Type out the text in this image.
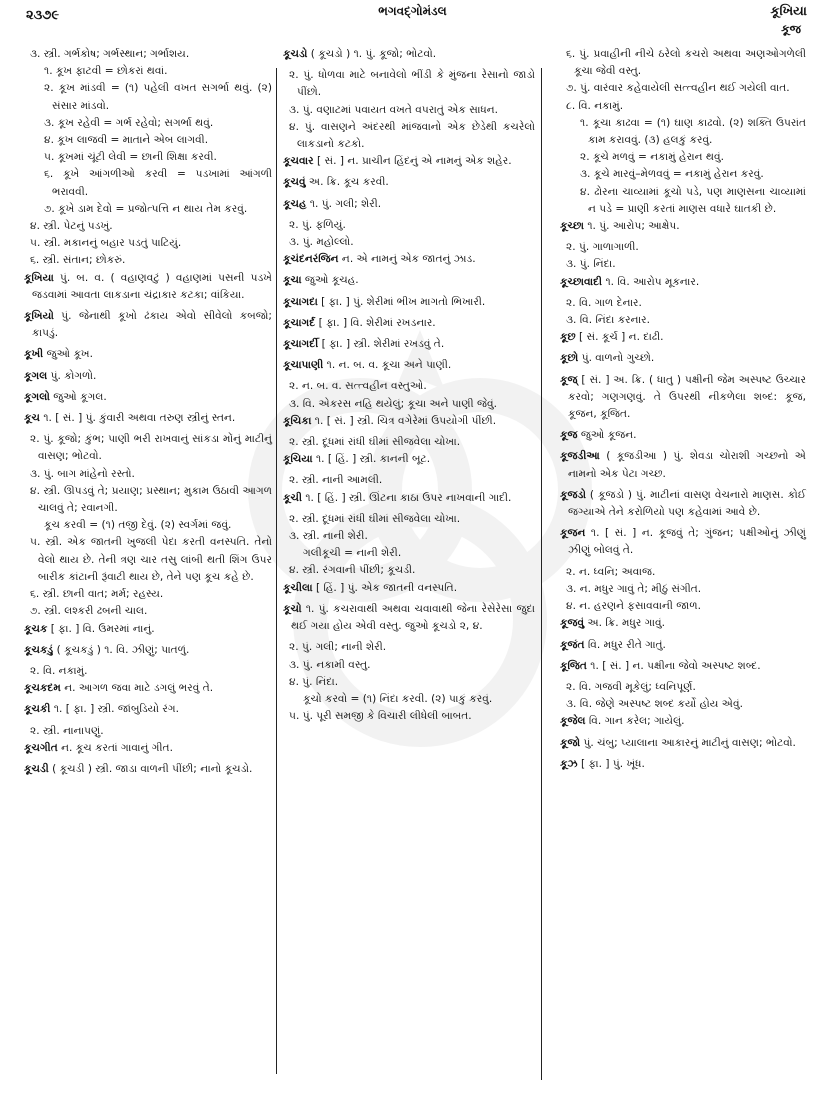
૨૩૭૯	ભગવદ્ગોમંડલ	કૂખિયા
કૂજ

૩. સ્ત્રી. ગર્ભકોષ; ગર્ભસ્થાન; ગર્ભાશય.

૧. કૂખ ફાટવી = છોકરાં થવાં.

૨. કૂખ માંડવી = (૧) પહેલી વખત સગર્ભા થવું. (૨) સંસાર માંડવો.

૩. કૂખ રહેવી = ગર્ભ રહેવો; સગર્ભા થવું.

૪. કૂખ લાજવી = માતાને એબ લાગવી.

૫. કૂખમાં ચૂંટી લેવી = છાની શિક્ષા કરવી.

૬. કૂખે આંગળીઓ કરવી = પડખામાં આંગળી ભરાવવી.

૭. કૂખે ડામ દેવો = પ્રજોત્પત્તિ ન થાય તેમ કરવું.

૪. સ્ત્રી. પેટનું પડખું.

૫. સ્ત્રી. મકાનનું બહાર પડતું પાટિયું.

૬. સ્ત્રી. સંતાન; છોકરું.

કૂખિયા પું. બ. વ. ( વહાણવટું ) વહાણમાં પસની પડખે જડવામાં આવતા લાકડાના ચંદ્રાકાર કટકા; વાંકિયા.

કૂખિયો પું. જેનાથી કૂખો ઢંકાય એવો સીવેલો કબજો; કાપડું.

કૂખી જુઓ કૂખ.

કૂગલ પું. કોગળો.

કૂગલો જુઓ કૂગલ.

કૂચ ૧. [ સં. ] પું. કુંવારી અથવા તરુણ સ્ત્રીનું સ્તન.

૨. પું. કૂજો; કુંભ; પાણી ભરી રાખવાનું સાંકડા મોંનું માટીનું વાસણ; ભોટવો.

૩. પું. બાગ માંહેનો રસ્તો.

૪. સ્ત્રી. ઊપડવું તે; પ્રયાણ; પ્રસ્થાન; મુકામ ઉઠાવી આગળ ચાલવું તે; રવાનગી.

કૂચ કરવી = (૧) તજી દેવું. (૨) સ્વર્ગમાં જવું.

૫. સ્ત્રી. એક જાતની ખુજલી પેદા કરતી વનસ્પતિ. તેનો વેલો થાય છે. તેની ત્રણ ચાર તસુ લાંબી થતી શિંગ ઉપર બારીક કાંટાની રૂંવાટી થાય છે, તેને પણ કૂચ કહે છે.

૬. સ્ત્રી. છાની વાત; મર્મ; રહસ્ય.

૭. સ્ત્રી. લશ્કરી ઢબની ચાલ.

કૂચક [ ફા. ] વિ. ઉમરમાં નાનું.

કૂચકડું ( કૂચકડું ) ૧. વિ. ઝીણું; પાતળું.

૨. વિ. નકામું.

કૂચકદમ ન. આગળ જવા માટે ડગલું ભરવું તે.

કૂચકી ૧. [ ફા. ] સ્ત્રી. જાંબુડિયો રંગ.

૨. સ્ત્રી. નાનાપણું.

કૂચગીત ન. કૂચ કરતાં ગાવાનું ગીત.

કૂચડી ( કૂચડી ) સ્ત્રી. જાડા વાળની પીંછી; નાનો કૂચડો.

કૂચડો ( કૂચડો ) ૧. પું. કૂજો; ભોટવો.

૨. પું. ધોળવા માટે બનાવેલો ભીંડી કે મુંજના રેસાનો જાડો પીંછો.

૩. પું. વણાટમાં પવાયત વખતે વપરાતું એક સાધન.

૪. પું. વાસણને અંદરથી માંજવાનો એક છેડેથી કચરેલો લાકડાનો કટકો.

કૂચવાર [ સં. ] ન. પ્રાચીન હિંદનું એ નામનું એક શહેર.

કૂચવું અ. ક્રિ. કૂચ કરવી.

કૂચહ ૧. પું. ગલી; શેરી.

૨. પું. ફળિયું.

૩. પું. મહોલ્લો.

કૂચંદનરંજિન ન. એ નામનું એક જાતનું ઝાડ.

કૂચા જુઓ કૂચહ.

કૂચાગદા [ ફા. ] પું. શેરીમાં ભીખ માગતો ભિખારી.

કૂચાગર્દ [ ફા. ] વિ. શેરીમાં રખડનાર.

કૂચાગર્દી [ ફા. ] સ્ત્રી. શેરીમાં રખડવું તે.

કૂચાપાણી ૧. ન. બ. વ. કૂચા અને પાણી.

૨. ન. બ. વ. સત્ત્વહીન વસ્તુઓ.

૩. વિ. એકરસ નહિ થયેલું; કૂચા અને પાણી જેવું.

કૂચિકા ૧. [ સં. ] સ્ત્રી. ચિત્ર વગેરેમાં ઉપયોગી પીંછી.

૨. સ્ત્રી. દૂધમાં રાંધી ઘીમાં સીજવેલા ચોખા.

કૂચિયા ૧. [ હિં. ] સ્ત્રી. કાનની બૂટ.

૨. સ્ત્રી. નાની આમલી.

કૂચી ૧. [ હિં. ] સ્ત્રી. ઊંટના કાઠા ઉપર નાખવાની ગાદી.

૨. સ્ત્રી. દૂધમાં રાંધી ઘીમાં સીજવેલા ચોખા.

૩. સ્ત્રી. નાની શેરી.

ગલીકૂચી = નાની શેરી.

૪. સ્ત્રી. રંગવાની પીંછી; કૂચડી.

કૂચીલા [ હિં. ] પું. એક જાતની વનસ્પતિ.

કૂચો ૧. પું. કચરાવાથી અથવા ચવાવાથી જેના રેસેરેસા જુદા થઈ ગયા હોય એવી વસ્તુ. જુઓ કૂચડો ૨, ૪.

૨. પું. ગલી; નાની શેરી.

૩. પું. નકામી વસ્તુ.

૪. પું. નિંદા.

કૂચો કરવો = (૧) નિંદા કરવી. (૨) પાકું કરવું.

૫. પું. પૂરી સમજી કે વિચારી લીધેલી બાબત.

૬. પું. પ્રવાહીની નીચે ઠરેલો કચરો અથવા અણઓગળેલી કૂચા જેવી વસ્તુ.

૭. પું. વારંવાર કહેવાયેલી સત્ત્વહીન થઈ ગયેલી વાત.

૮. વિ. નકામું.

૧. કૂચા કાઢવા = (૧) ઘાણ કાઢવો. (૨) શક્તિ ઉપરાંત કામ કરાવવું. (૩) હલકું કરવું.

૨. કૂચે મળવું = નકામું હેરાન થવું.

૩. કૂચે મારવું–મેળવવું = નકામું હેરાન કરવું.

૪. ઢોરના ચાવ્યામાં કૂચો પડે, પણ માણસના ચાવ્યામાં ન પડે = પ્રાણી કરતાં માણસ વધારે ઘાતકી છે.

કૂચ્છા ૧. પું. આરોપ; આક્ષેપ.

૨. પું. ગાળાગાળી.

૩. પું. નિંદા.

કૂચ્છાવાદી ૧. વિ. આરોપ મૂકનાર.

૨. વિ. ગાળ દેનાર.

૩. વિ. નિંદા કરનાર.

કૂછ [ સં. કૂર્ચ ] ન. દાઢી.

કૂછો પું. વાળનો ગુચ્છો.

કૂજ્ [ સં. ] અ. ક્રિ. ( ધાતુ ) પક્ષીની જેમ અસ્પષ્ટ ઉચ્ચાર કરવો; ગણગણવું. તે ઉપરથી નીકળેલા શબ્દ: કૂજ, કૂજન, કૂજિત.

કૂજ જુઓ કૂજન.

કૂજડીઆ ( કૂજડીઆ ) પું. શેવડા ચોરાશી ગચ્છનો એ નામનો એક પેટા ગચ્છ.

કૂજડો ( કૂજડો ) પું. માટીનાં વાસણ વેચનારો માણસ. કોઈ જગ્યાએ તેને કરોળિયો પણ કહેવામાં આવે છે.

કૂજન ૧. [ સં. ] ન. કૂજવું તે; ગુંજન; પક્ષીઓનું ઝીણું ઝીણું બોલવું તે.

૨. ન. ધ્વનિ; અવાજ.

૩. ન. મધુર ગાવું તે; મીઠું સંગીત.

૪. ન. હરણને ફસાવવાની જાળ.

કૂજવું અ. ક્રિ. મધુર ગાવું.

કૂજંત વિ. મધુર રીતે ગાતું.

કૂજિત ૧. [ સં. ] ન. પક્ષીના જેવો અસ્પષ્ટ શબ્દ.

૨. વિ. ગજવી મૂકેલું; ધ્વનિપૂર્ણ.

૩. વિ. જેણે અસ્પષ્ટ શબ્દ કર્યો હોય એવું.

કૂજેલ વિ. ગાન કરેલ; ગાયેલું.

કૂજો પું. ચંબુ; પ્યાલાના આકારનું માટીનું વાસણ; ભોટવો.

કૂઝ [ ફા. ] પું. ખૂંધ.
